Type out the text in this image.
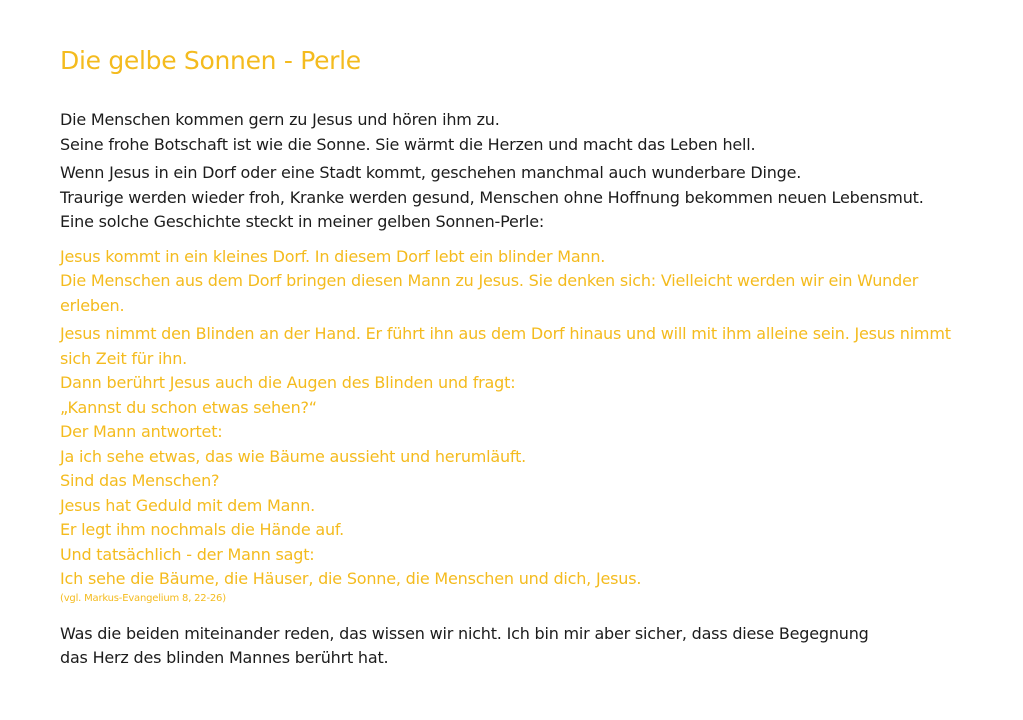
Die gelbe Sonnen - Perle

Die Menschen kommen gern zu Jesus und hören ihm zu.
Seine frohe Botschaft ist wie die Sonne. Sie wärmt die Herzen und macht das Leben hell.

Wenn Jesus in ein Dorf oder eine Stadt kommt, geschehen manchmal auch wunderbare Dinge.
Traurige werden wieder froh, Kranke werden gesund, Menschen ohne Hoffnung bekommen neuen Lebensmut.
Eine solche Geschichte steckt in meiner gelben Sonnen-Perle:

Jesus kommt in ein kleines Dorf. In diesem Dorf lebt ein blinder Mann.
Die Menschen aus dem Dorf bringen diesen Mann zu Jesus. Sie denken sich: Vielleicht werden wir ein Wunder erleben.

Jesus nimmt den Blinden an der Hand. Er führt ihn aus dem Dorf hinaus und will mit ihm alleine sein. Jesus nimmt sich Zeit für ihn.
Dann berührt Jesus auch die Augen des Blinden und fragt:
„Kannst du schon etwas sehen?“
Der Mann antwortet:
Ja ich sehe etwas, das wie Bäume aussieht und herumläuft.
Sind das Menschen?
Jesus hat Geduld mit dem Mann.
Er legt ihm nochmals die Hände auf.
Und tatsächlich - der Mann sagt:
Ich sehe die Bäume, die Häuser, die Sonne, die Menschen und dich, Jesus.
(vgl. Markus-Evangelium 8, 22-26)

Was die beiden miteinander reden, das wissen wir nicht. Ich bin mir aber sicher, dass diese Begegnung
das Herz des blinden Mannes berührt hat.
